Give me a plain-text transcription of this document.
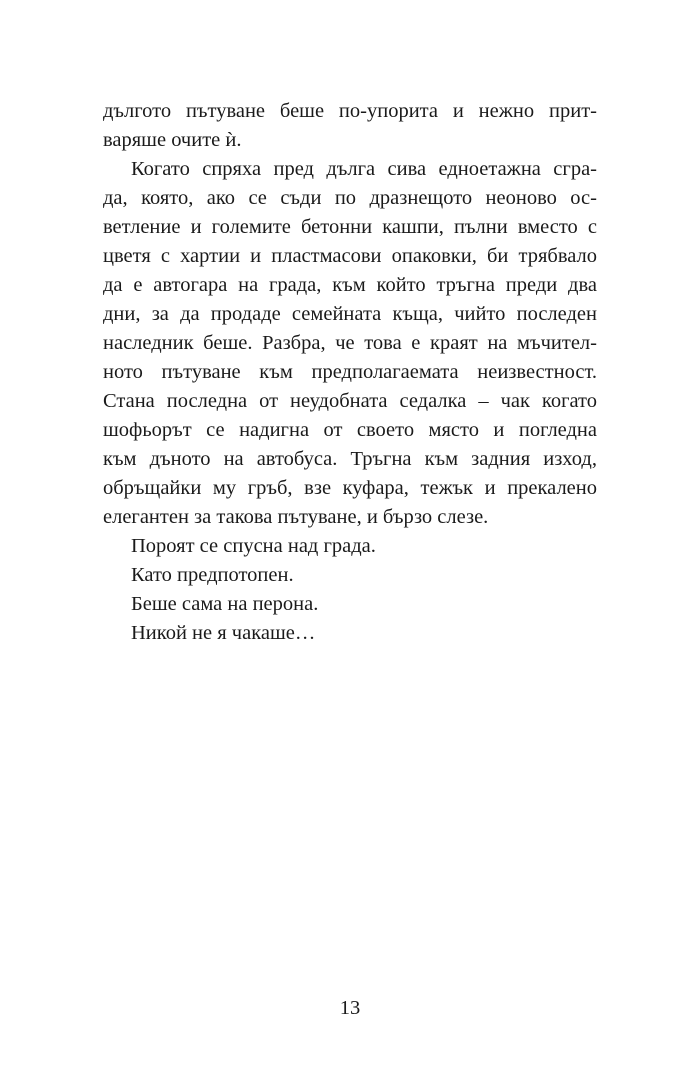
дългото пътуване беше по-упорита и нежно прит-
варяше очите ѝ.
Когато спряха пред дълга сива едноетажна сгра-
да, която, ако се съди по дразнещото неоново ос-
ветление и големите бетонни кашпи, пълни вместо с
цветя с хартии и пластмасови опаковки, би трябвало
да е автогара на града, към който тръгна преди два
дни, за да продаде семейната къща, чийто последен
наследник беше. Разбра, че това е краят на мъчител-
ното пътуване към предполагаемата неизвестност.
Стана последна от неудобната седалка – чак когато
шофьорът се надигна от своето място и погледна
към дъното на автобуса. Тръгна към задния изход,
обръщайки му гръб, взе куфара, тежък и прекалено
елегантен за такова пътуване, и бързо слезе.
Пороят се спусна над града.
Като предпотопен.
Беше сама на перона.
Никой не я чакаше…
13
